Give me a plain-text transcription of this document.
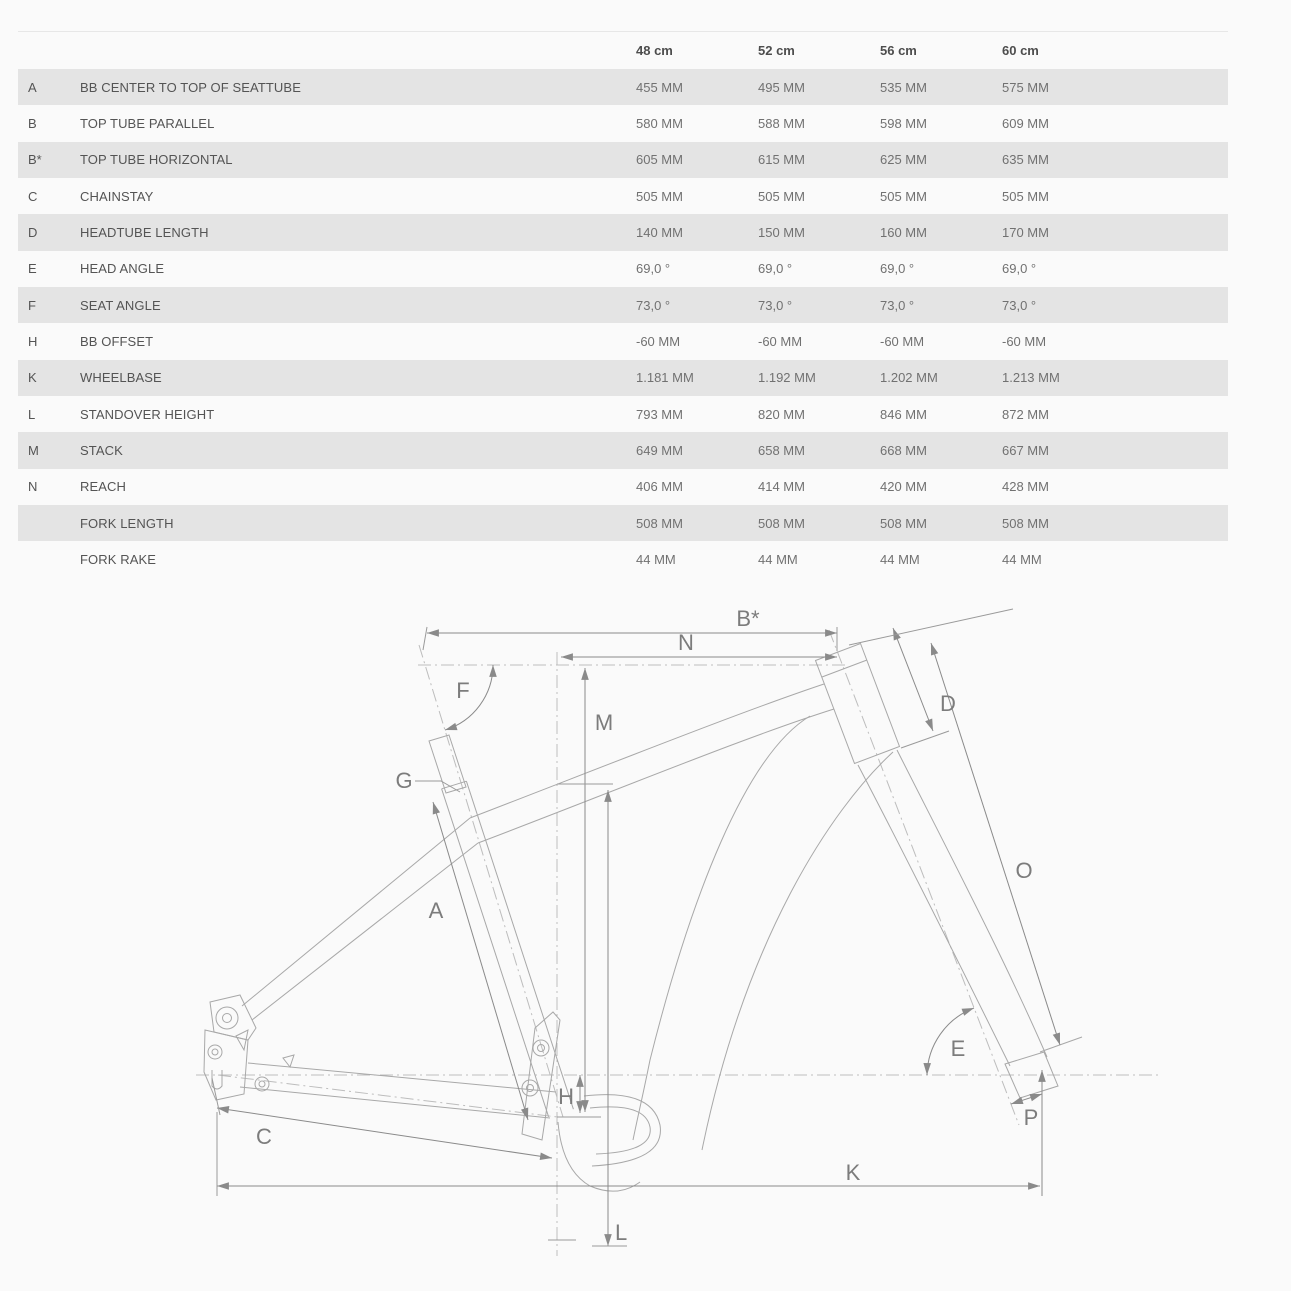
48 cm	52 cm	56 cm	60 cm
A	BB CENTER TO TOP OF SEATTUBE	455 MM	495 MM	535 MM	575 MM
B	TOP TUBE PARALLEL	580 MM	588 MM	598 MM	609 MM
B*	TOP TUBE HORIZONTAL	605 MM	615 MM	625 MM	635 MM
C	CHAINSTAY	505 MM	505 MM	505 MM	505 MM
D	HEADTUBE LENGTH	140 MM	150 MM	160 MM	170 MM
E	HEAD ANGLE	69,0 °	69,0 °	69,0 °	69,0 °
F	SEAT ANGLE	73,0 °	73,0 °	73,0 °	73,0 °
H	BB OFFSET	-60 MM	-60 MM	-60 MM	-60 MM
K	WHEELBASE	1.181 MM	1.192 MM	1.202 MM	1.213 MM
L	STANDOVER HEIGHT	793 MM	820 MM	846 MM	872 MM
M	STACK	649 MM	658 MM	668 MM	667 MM
N	REACH	406 MM	414 MM	420 MM	428 MM
FORK LENGTH	508 MM	508 MM	508 MM	508 MM
FORK RAKE	44 MM	44 MM	44 MM	44 MM
B*
N
F
M
G
A
D
O
E
H
C
P
K
L
